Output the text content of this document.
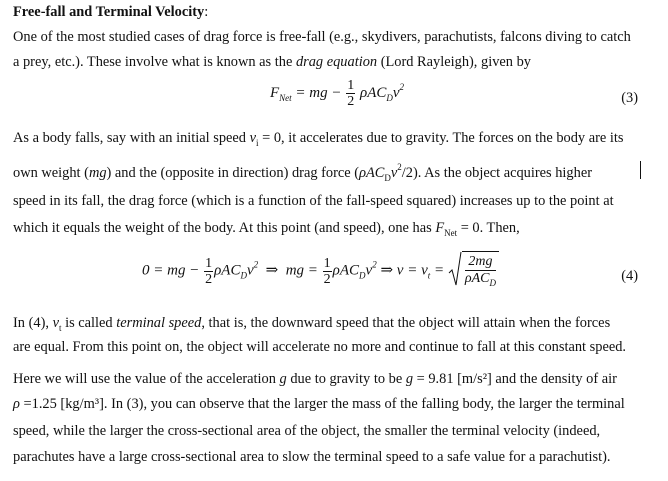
Free-fall and Terminal Velocity:
One of the most studied cases of drag force is free-fall (e.g., skydivers, parachutists, falcons diving to catch
a prey, etc.). These involve what is known as the drag equation (Lord Rayleigh), given by
$F_{Net}$ = mg − $\frac{1}{2} \rho AC_Dv^2$
(3)
As a body falls, say with an initial speed $v_i = 0$, it accelerates due to gravity. The forces on the body are its
own weight (mg) and the (opposite in direction) drag force $(\rho AC_Dv^2/2)$. As the object acquires higher
speed in its fall, the drag force (which is a function of the fall-speed squared) increases up to the point at
which it equals the weight of the body. At this point (and speed), one has $F_{Net} = 0$. Then,
0 = mg − $\frac{1}{2} \rho AC_Dv^2$  ⇒  mg = $\frac{1}{2} \rho AC_Dv^2$ ⇒ $v = v_t$ =
2mg
ρAC$_D$	(4)
In (4), $v_t$ is called terminal speed, that is, the downward speed that the object will attain when the forces
are equal. From this point on, the object will accelerate no more and continue to fall at this constant speed.
Here we will use the value of the acceleration g due to gravity to be g = 9.81 [m/s²] and the density of air
ρ =1.25 [kg/m³]. In (3), you can observe that the larger the mass of the falling body, the larger the terminal
speed, while the larger the cross-sectional area of the object, the smaller the terminal velocity (indeed,
parachutes have a large cross-sectional area to slow the terminal speed to a safe value for a parachutist).
